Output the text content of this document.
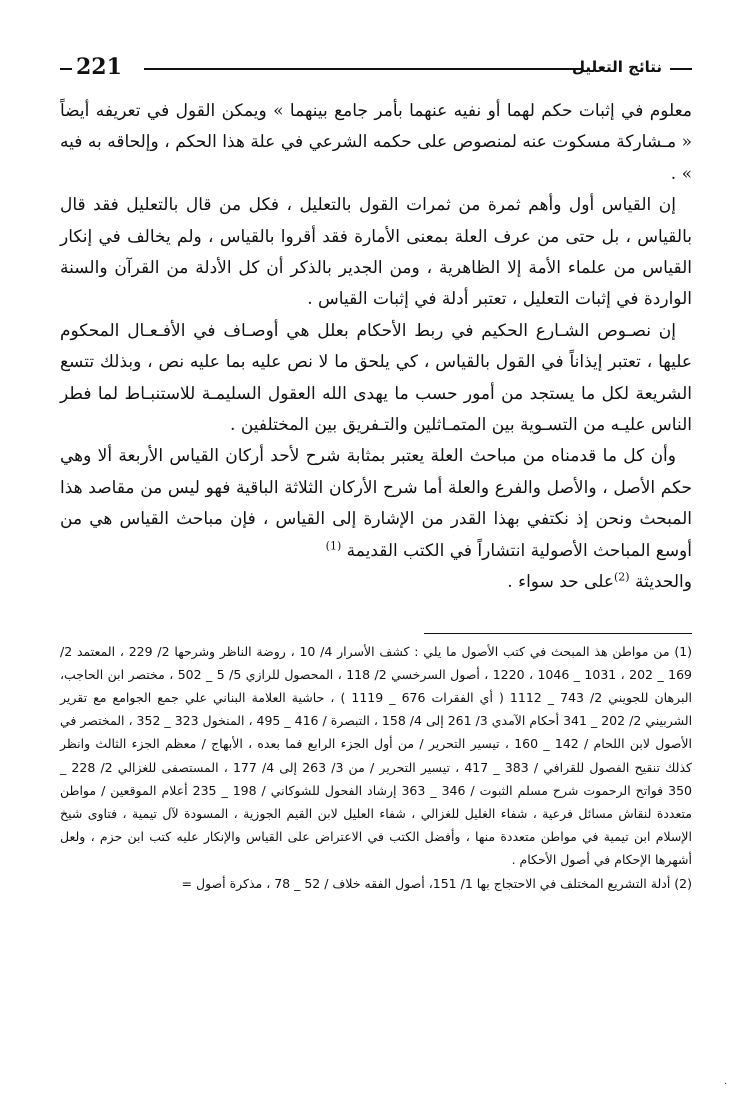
221	نتائج التعليل

معلوم في إثبات حكم لهما أو نفيه عنهما بأمر جامع بينهما » ويمكن القول في تعريفه أيضاً « مـشاركة مسكوت عنه لمنصوص على حكمه الشرعي في علة هذا الحكم ، وإلحاقه به فيه » .

إن القياس أول وأهم ثمرة من ثمرات القول بالتعليل ، فكل من قال بالتعليل فقد قال بالقياس ، بل حتى من عرف العلة بمعنى الأمارة فقد أقروا بالقياس ، ولم يخالف في إنكار القياس من علماء الأمة إلا الظاهرية ، ومن الجدير بالذكر أن كل الأدلة من القرآن والسنة الواردة في إثبات التعليل ، تعتبر أدلة في إثبات القياس .

إن نصـوص الشـارع الحكيم في ربط الأحكام بعلل هي أوصـاف في الأفـعـال المحكوم عليها ، تعتبر إيذاناً في القول بالقياس ، كي يلحق ما لا نص عليه بما عليه نص ، وبذلك تتسع الشريعة لكل ما يستجد من أمور حسب ما يهدى الله العقول السليمـة للاستنبـاط لما فطر الناس عليـه من التسـوية بين المتمـاثلين والتـفريق بين المختلفين .

وأن كل ما قدمناه من مباحث العلة يعتبر بمثابة شرح لأحد أركان القياس الأربعة ألا وهي حكم الأصل ، والأصل والفرع والعلة أما شرح الأركان الثلاثة الباقية فهو ليس من مقاصد هذا المبحث ونحن إذ نكتفي بهذا القدر من الإشارة إلى القياس ، فإن مباحث القياس هي من أوسع المباحث الأصولية انتشاراً في الكتب القديمة $^{(1)}$

والحديثة $^{(2)}$على حد سواء .

(1) من مواطن هذ المبحث في كتب الأصول ما يلي : كشف الأسرار 4/ 10 ، روضة الناظر وشرحها 2/ 229 ، المعتمد 2/ 169 _ 202 ، 1031 _ 1046 ، 1220 ، أصول السرخسي 2/ 118 ، المحصول للرازي 5/ 5 _ 502 ، مختصر ابن الحاجب، البرهان للجويني 2/ 743 _ 1112 ( أي الفقرات 676 _ 1119 ) ، حاشية العلامة البناني علي جمع الجوامع مع تقرير الشربيني 2/ 202 _ 341 أحكام الآمدي 3/ 261 إلى 4/ 158 ، التبصرة / 416 _ 495 ، المنخول 323 _ 352 ، المختصر في الأصول لابن اللحام / 142 _ 160 ، تيسير التحرير / من أول الجزء الرابع فما بعده ، الأبهاج / معظم الجزء الثالث وانظر كذلك تنقيح الفصول للقرافي / 383 _ 417 ، تيسير التحرير / من 3/ 263 إلى 4/ 177 ، المستصفى للغزالي 2/ 228 _ 350 فواتح الرحموت شرح مسلم الثبوت / 346 _ 363 إرشاد الفحول للشوكاني / 198 _ 235 أعلام الموقعين / مواطن متعددة لنقاش مسائل فرعية ، شفاء الغليل للغزالي ، شفاء العليل لابن القيم الجوزية ، المسودة لآل تيمية ، فتاوى شيخ الإسلام ابن تيمية في مواطن متعددة منها ، وأفضل الكتب في الاعتراض على القياس والإنكار عليه كتب ابن حزم ، ولعل أشهرها الإحكام في أصول الأحكام .

(2) أدلة التشريع المختلف في الاحتجاج بها 1/ 151، أصول الفقه خلاف / 52 _ 78 ، مذكرة أصول =

.
